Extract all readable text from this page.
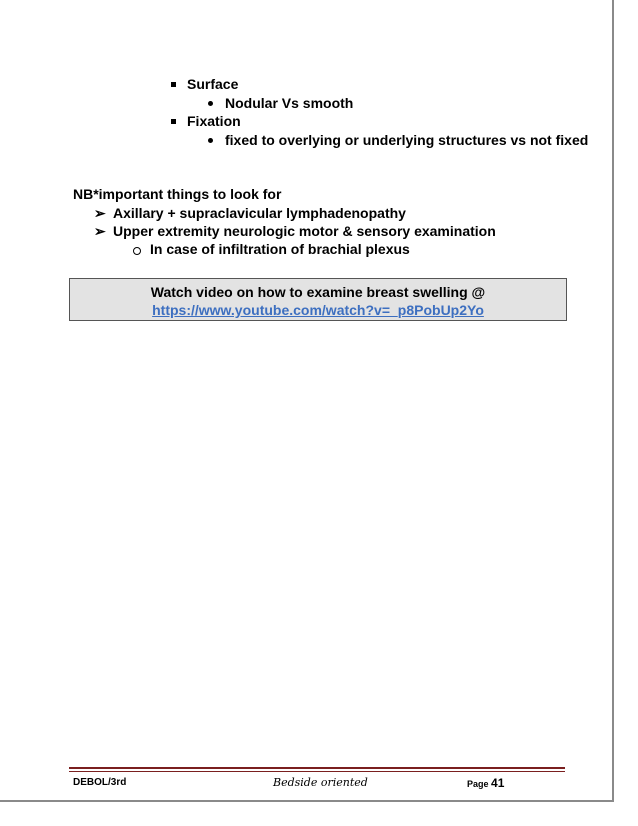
Surface
Nodular Vs smooth
Fixation
fixed to overlying or underlying structures vs not fixed
NB*important things to look for
➢ Axillary + supraclavicular lymphadenopathy
➢ Upper extremity neurologic motor & sensory examination
In case of infiltration of brachial plexus
Watch video on how to examine breast swelling @
https://www.youtube.com/watch?v=_p8PobUp2Yo
DEBOL/3rd	Bedside oriented	Page 41
